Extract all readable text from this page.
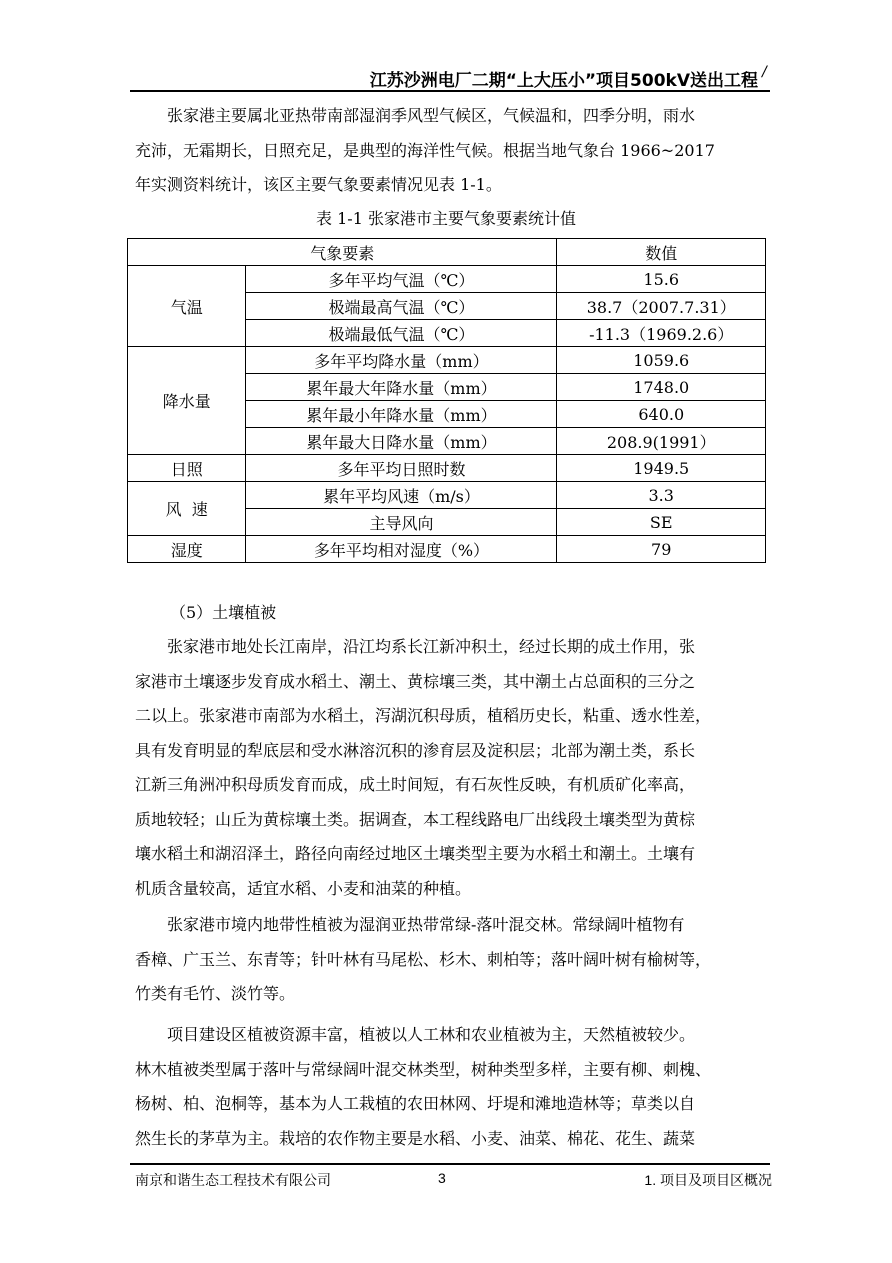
江苏沙洲电厂二期“上大压小”项目500kV送出工程 /
张家港主要属北亚热带南部湿润季风型气候区，气候温和，四季分明，雨水
充沛，无霜期长，日照充足，是典型的海洋性气候。根据当地气象台 1966~2017
年实测资料统计，该区主要气象要素情况见表 1-1。
表 1-1 张家港市主要气象要素统计值
气象要素		数值
气温	多年平均气温（℃）	15.6
	极端最高气温（℃）	38.7（2007.7.31）
	极端最低气温（℃）	-11.3（1969.2.6）
降水量	多年平均降水量（mm）	1059.6
	累年最大年降水量（mm）	1748.0
	累年最小年降水量（mm）	640.0
	累年最大日降水量（mm）	208.9(1991）
日照	多年平均日照时数	1949.5
风  速	累年平均风速（m/s）	3.3
	主导风向	SE
湿度	多年平均相对湿度（%）	79
（5）土壤植被
张家港市地处长江南岸，沿江均系长江新冲积土，经过长期的成土作用，张
家港市土壤逐步发育成水稻土、潮土、黄棕壤三类，其中潮土占总面积的三分之
二以上。张家港市南部为水稻土，泻湖沉积母质，植稻历史长，粘重、透水性差，
具有发育明显的犁底层和受水淋溶沉积的渗育层及淀积层；北部为潮土类，系长
江新三角洲冲积母质发育而成，成土时间短，有石灰性反映，有机质矿化率高，
质地较轻；山丘为黄棕壤土类。据调查，本工程线路电厂出线段土壤类型为黄棕
壤水稻土和湖沼泽土，路径向南经过地区土壤类型主要为水稻土和潮土。土壤有
机质含量较高，适宜水稻、小麦和油菜的种植。
张家港市境内地带性植被为湿润亚热带常绿-落叶混交林。常绿阔叶植物有
香樟、广玉兰、东青等；针叶林有马尾松、杉木、刺柏等；落叶阔叶树有榆树等，
竹类有毛竹、淡竹等。
项目建设区植被资源丰富，植被以人工林和农业植被为主，天然植被较少。
林木植被类型属于落叶与常绿阔叶混交林类型，树种类型多样，主要有柳、刺槐、
杨树、柏、泡桐等，基本为人工栽植的农田林网、圩堤和滩地造林等；草类以自
然生长的茅草为主。栽培的农作物主要是水稻、小麦、油菜、棉花、花生、蔬菜
南京和谐生态工程技术有限公司	3	1. 项目及项目区概况
